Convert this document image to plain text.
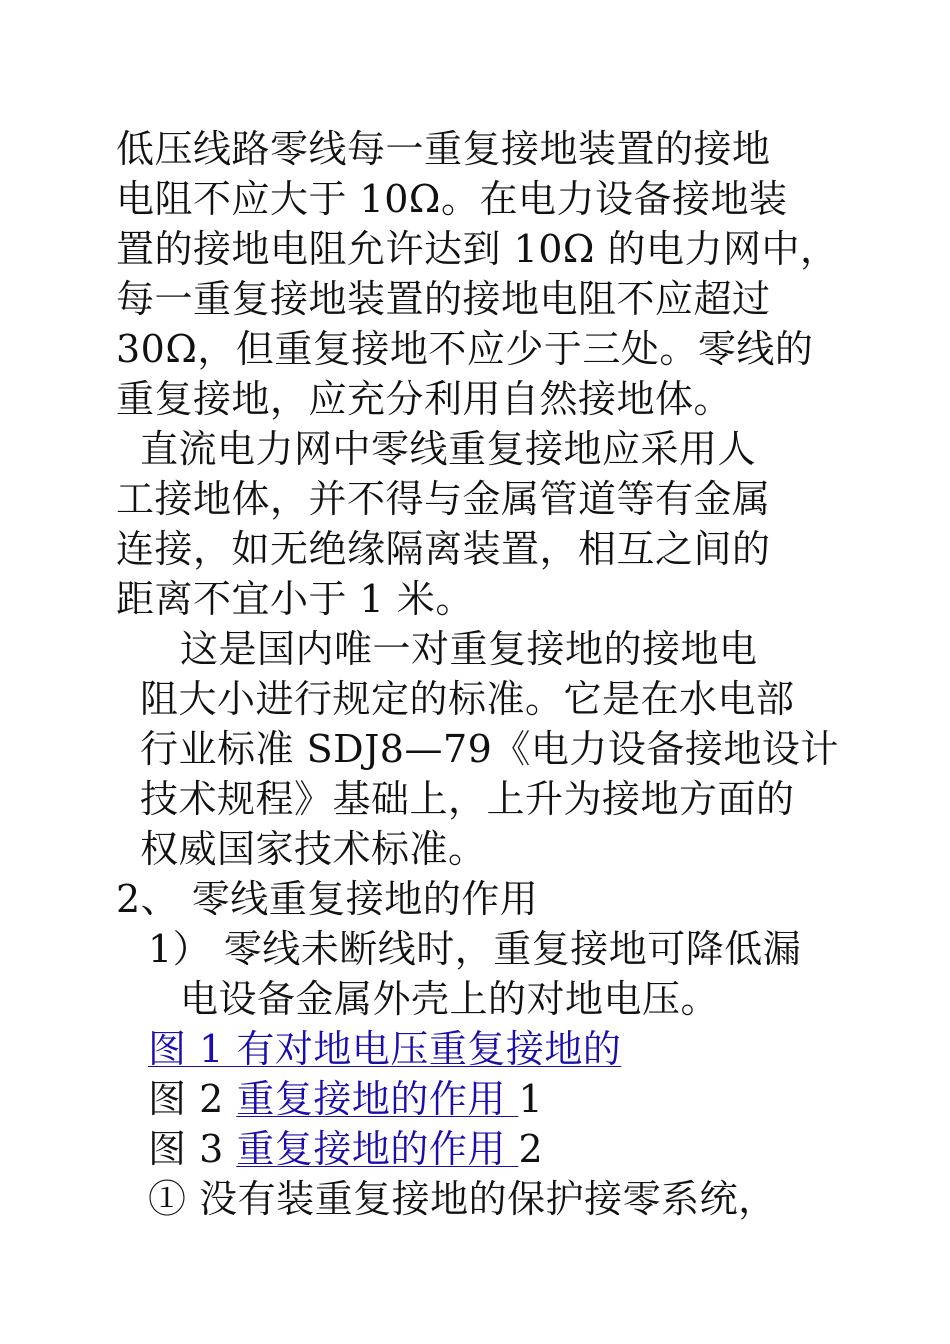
低压线路零线每一重复接地装置的接地
电阻不应大于 10Ω。在电力设备接地装
置的接地电阻允许达到 10Ω 的电力网中，
每一重复接地装置的接地电阻不应超过
30Ω，但重复接地不应少于三处。零线的
重复接地，应充分利用自然接地体。
直流电力网中零线重复接地应采用人
工接地体，并不得与金属管道等有金属
连接，如无绝缘隔离装置，相互之间的
距离不宜小于 1 米。
这是国内唯一对重复接地的接地电
阻大小进行规定的标准。它是在水电部
行业标准 SDJ8—79《电力设备接地设计
技术规程》基础上，上升为接地方面的
权威国家技术标准。
2、 零线重复接地的作用
1） 零线未断线时，重复接地可降低漏
电设备金属外壳上的对地电压。
图 1 有对地电压重复接地的
图 2 重复接地的作用 1
图 3 重复接地的作用 2
① 没有装重复接地的保护接零系统，
